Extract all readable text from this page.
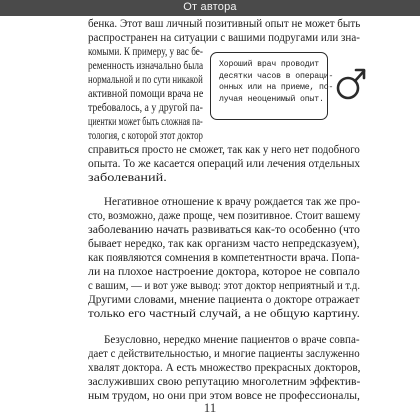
От автора
бенка. Этот ваш личный позитивный опыт не может быть
распространен на ситуации с вашими подругами или зна-
комыми. К примеру, у вас бе-
ременность изначально была
нормальной и по сути никакой
активной помощи врача не
требовалось, а у другой па-
циентки может быть сложная па-
тология, с которой этот доктор
справиться просто не сможет, так как у него нет подобного
опыта. То же касается операций или лечения отдельных
заболеваний.
Негативное отношение к врачу рождается так же про-
сто, возможно, даже проще, чем позитивное. Стоит вашему
заболеванию начать развиваться как-то особенно (что
бывает нередко, так как организм часто непредсказуем),
как появляются сомнения в компетентности врача. Попа-
ли на плохое настроение доктора, которое не совпало
с вашим, — и вот уже вывод: этот доктор неприятный и т.д.
Другими словами, мнение пациента о докторе отражает
только его частный случай, а не общую картину.
Безусловно, нередко мнение пациентов о враче совпа-
дает с действительностью, и многие пациенты заслуженно
хвалят доктора. А есть множество прекрасных докторов,
заслуживших свою репутацию многолетним эффектив-
ным трудом, но они при этом вовсе не профессионалы,
Хороший врач проводит
десятки часов в операци-
онных или на приеме, по-
лучая неоценимый опыт.
11
